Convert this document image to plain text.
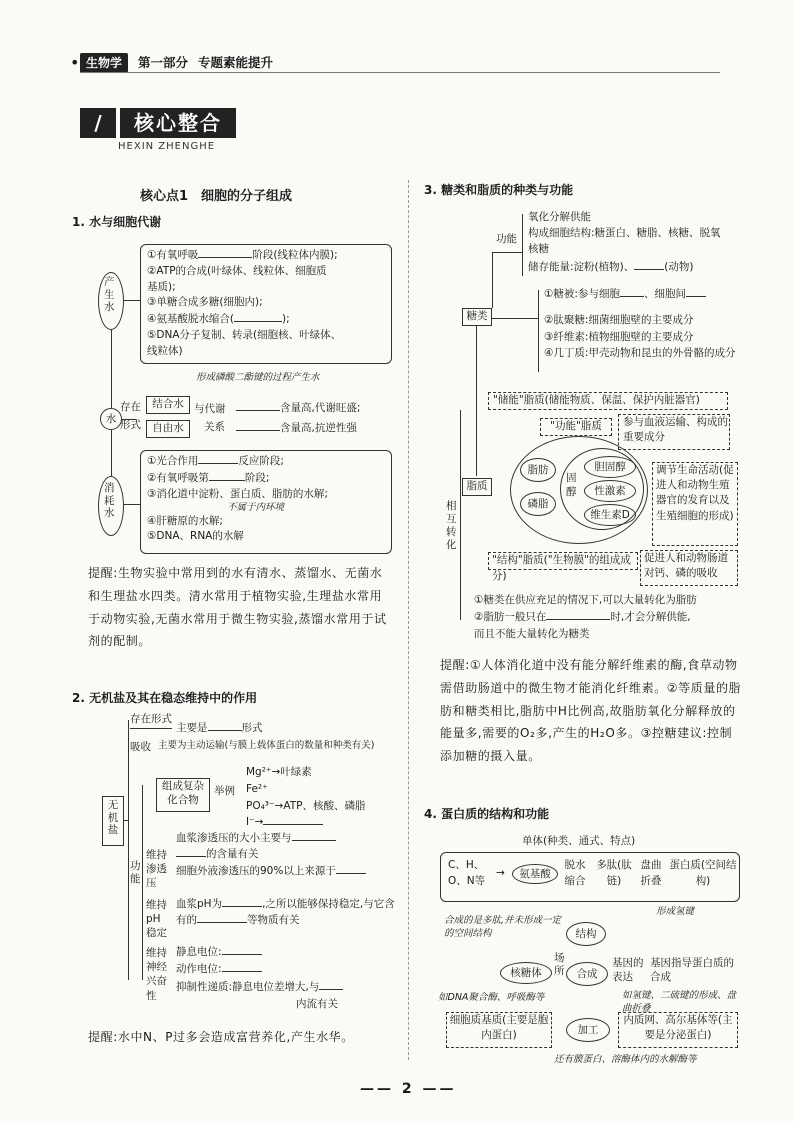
• 生物学	第一部分 专题素能提升
/	核心整合
HEXIN ZHENGHE
核心点1　细胞的分子组成
1. 水与细胞代谢
产生水
①有氧呼吸	阶段(线粒体内膜);
②ATP的合成(叶绿体、线粒体、细胞质
基质);
③单糖合成多糖(细胞内);
④氨基酸脱水缩合(	);
⑤DNA分子复制、转录(细胞核、叶绿体、
线粒体)
形成磷酸二酯键的过程产生水
水
存在
形式
结合水
自由水
与代谢
关系
含量高,代谢旺盛;
含量高,抗逆性强
消耗水
①光合作用	反应阶段;
②有氧呼吸第	阶段;
③消化道中淀粉、蛋白质、脂肪的水解;
不属于内环境
④肝糖原的水解;
⑤DNA、RNA的水解
提醒:生物实验中常用到的水有清水、蒸馏水、无菌水和生理盐水四类。清水常用于植物实验,生理盐水常用于动物实验,无菌水常用于微生物实验,蒸馏水常用于试剂的配制。
2. 无机盐及其在稳态维持中的作用
无机盐
存在形式
主要是	形式
吸收 主要为主动运输(与膜上载体蛋白的数量和种类有关)
功能
组成复杂化合物
举例
Mg²⁺→叶绿素
Fe²⁺
PO₄³⁻→ATP、核酸、磷脂
I⁻→
维持渗透压
血浆渗透压的大小主要与
的含量有关
细胞外液渗透压的90%以上来源于
维持pH稳定
血浆pH为	,之所以能够保持稳定,与它含有的	等物质有关
维持神经兴奋性
静息电位:
动作电位:
抑制性递质:静息电位差增大,与
内流有关
提醒:水中N、P过多会造成富营养化,产生水华。
3. 糖类和脂质的种类与功能
功能
氧化分解供能
构成细胞结构:糖蛋白、糖脂、核糖、脱氧核糖
储存能量:淀粉(植物)、	(动物)
糖类
①糖被:参与细胞 、细胞间
②肽聚糖:细菌细胞壁的主要成分
③纤维素:植物细胞壁的主要成分
④几丁质:甲壳动物和昆虫的外骨骼的成分
"储能"脂质(储能物质、保温、保护内脏器官)
"功能"脂质	参与血液运输、构成的重要成分
脂质
脂肪
磷脂
固醇
胆固醇
性激素
维生素D
调节生命活动(促进人和动物生殖器官的发育以及生殖细胞的形成)
促进人和动物肠道对钙、磷的吸收
"结构"脂质("生物膜"的组成成分)
相互转化
①糖类在供应充足的情况下,可以大量转化为脂肪
②脂肪一般只在	时,才会分解供能,
而且不能大量转化为糖类
提醒:①人体消化道中没有能分解纤维素的酶,食草动物需借助肠道中的微生物才能消化纤维素。②等质量的脂肪和糖类相比,脂肪中H比例高,故脂肪氧化分解释放的能量多,需要的O₂多,产生的H₂O多。③控糖建议:控制添加糖的摄入量。
4. 蛋白质的结构和功能
单体(种类、通式、特点)
C、H、O、N等
→	氨基酸
脱水缩合
多肽(肽链)
盘曲折叠
蛋白质(空间结构)
形成氢键
结构
合成的是多肽,并未形成一定的空间结构
核糖体
场所	合成
基因的表达
基因指导蛋白质的合成
如氢键、二硫键的形成、盘曲折叠
如DNA聚合酶、呼吸酶等
细胞质基质(主要是胞内蛋白)	加工
内质网、高尔基体等(主要是分泌蛋白)
还有膜蛋白、溶酶体内的水解酶等
—— 2 ——
